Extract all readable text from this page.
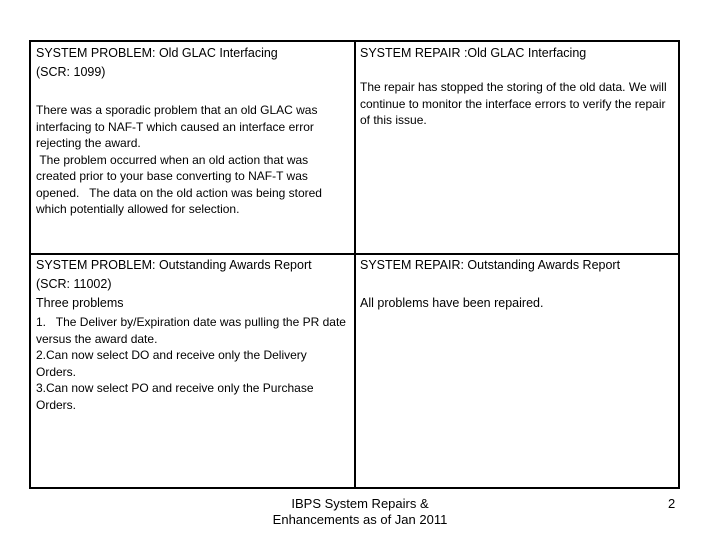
SYSTEM PROBLEM: Old GLAC Interfacing

(SCR: 1099)

There was a sporadic problem that an old GLAC was interfacing to NAF-T which caused an interface error rejecting the award.

The problem occurred when an old action that was created prior to your base converting to NAF-T was opened.   The data on the old action was being stored which potentially allowed for selection.

SYSTEM REPAIR :Old GLAC Interfacing

The repair has stopped the storing of the old data. We will continue to monitor the interface errors to verify the repair of this issue.

SYSTEM PROBLEM: Outstanding Awards Report

(SCR: 11002)

Three problems

1.   The Deliver by/Expiration date was pulling the PR date versus the award date.

2.Can now select DO and receive only the Delivery Orders.

3.Can now select PO and receive only the Purchase Orders.

SYSTEM REPAIR: Outstanding Awards Report

All problems have been repaired.

IBPS System Repairs &
Enhancements as of Jan 2011
2
